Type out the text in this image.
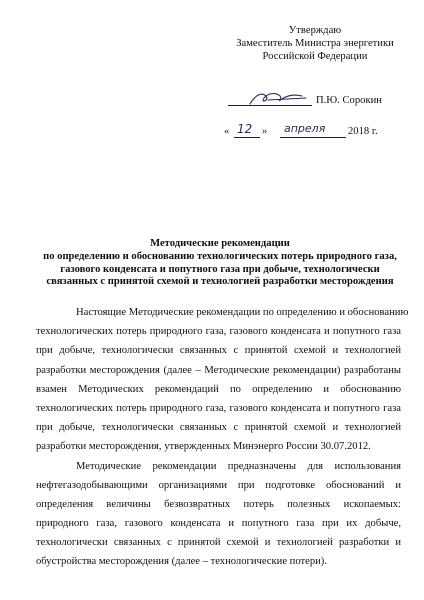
Утверждаю
Заместитель Министра энергетики
Российской Федерации
П.Ю. Сорокин
« 12 » апреля 2018 г.
Методические рекомендации
по определению и обоснованию технологических потерь природного газа,
газового конденсата и попутного газа при добыче, технологически
связанных с принятой схемой и технологией разработки месторождения
Настоящие Методические рекомендации по определению и обоснованию
технологических потерь природного газа, газового конденсата и попутного газа
при добыче, технологически связанных с принятой схемой и технологией
разработки месторождения (далее – Методические рекомендации) разработаны
взамен Методических рекомендаций по определению и обоснованию
технологических потерь природного газа, газового конденсата и попутного газа
при добыче, технологически связанных с принятой схемой и технологией
разработки месторождения, утвержденных Минэнерго России 30.07.2012.
Методические рекомендации предназначены для использования
нефтегазодобывающими организациями при подготовке обоснований и
определения величины безвозвратных потерь полезных ископаемых:
природного газа, газового конденсата и попутного газа при их добыче,
технологически связанных с принятой схемой и технологией разработки и
обустройства месторождения (далее – технологические потери).
